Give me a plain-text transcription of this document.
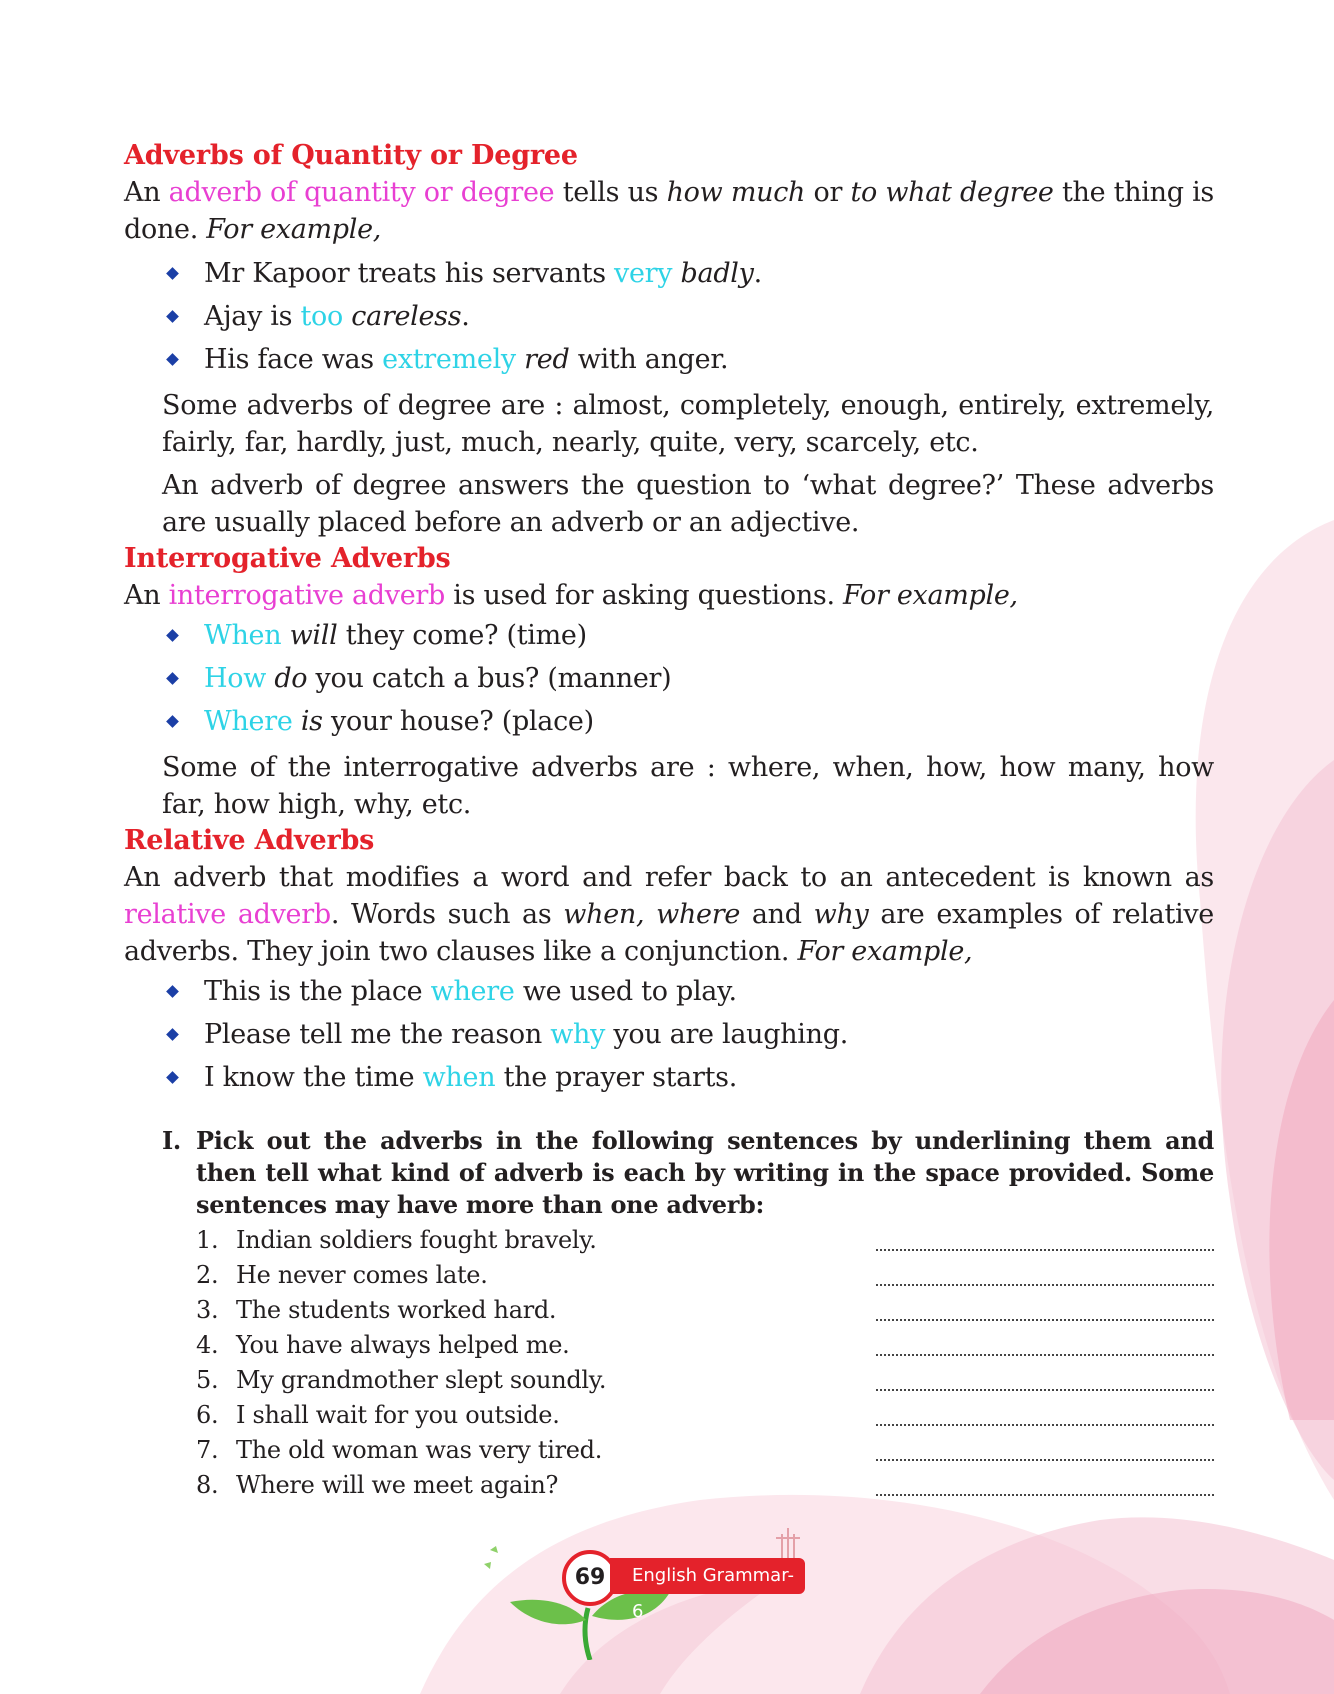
Adverbs of Quantity or Degree

An adverb of quantity or degree tells us how much or to what degree the thing is done. For example,

Mr Kapoor treats his servants very badly.
Ajay is too careless.
His face was extremely red with anger.

Some adverbs of degree are : almost, completely, enough, entirely, extremely, fairly, far, hardly, just, much, nearly, quite, very, scarcely, etc.

An adverb of degree answers the question to ‘what degree?’ These adverbs are usually placed before an adverb or an adjective.

Interrogative Adverbs

An interrogative adverb is used for asking questions. For example,

When will they come? (time)
How do you catch a bus? (manner)
Where is your house? (place)

Some of the interrogative adverbs are : where, when, how, how many, how far, how high, why, etc.

Relative Adverbs

An adverb that modifies a word and refer back to an antecedent is known as relative adverb. Words such as when, where and why are examples of relative adverbs. They join two clauses like a conjunction. For example,

This is the place where we used to play.
Please tell me the reason why you are laughing.
I know the time when the prayer starts.
I. Pick out the adverbs in the following sentences by underlining them and then tell what kind of adverb is each by writing in the space provided. Some sentences may have more than one adverb:
1. Indian soldiers fought bravely.
2. He never comes late.
3. The students worked hard.
4. You have always helped me.
5. My grandmother slept soundly.
6. I shall wait for you outside.
7. The old woman was very tired.
8. Where will we meet again?
69	English Grammar-6
